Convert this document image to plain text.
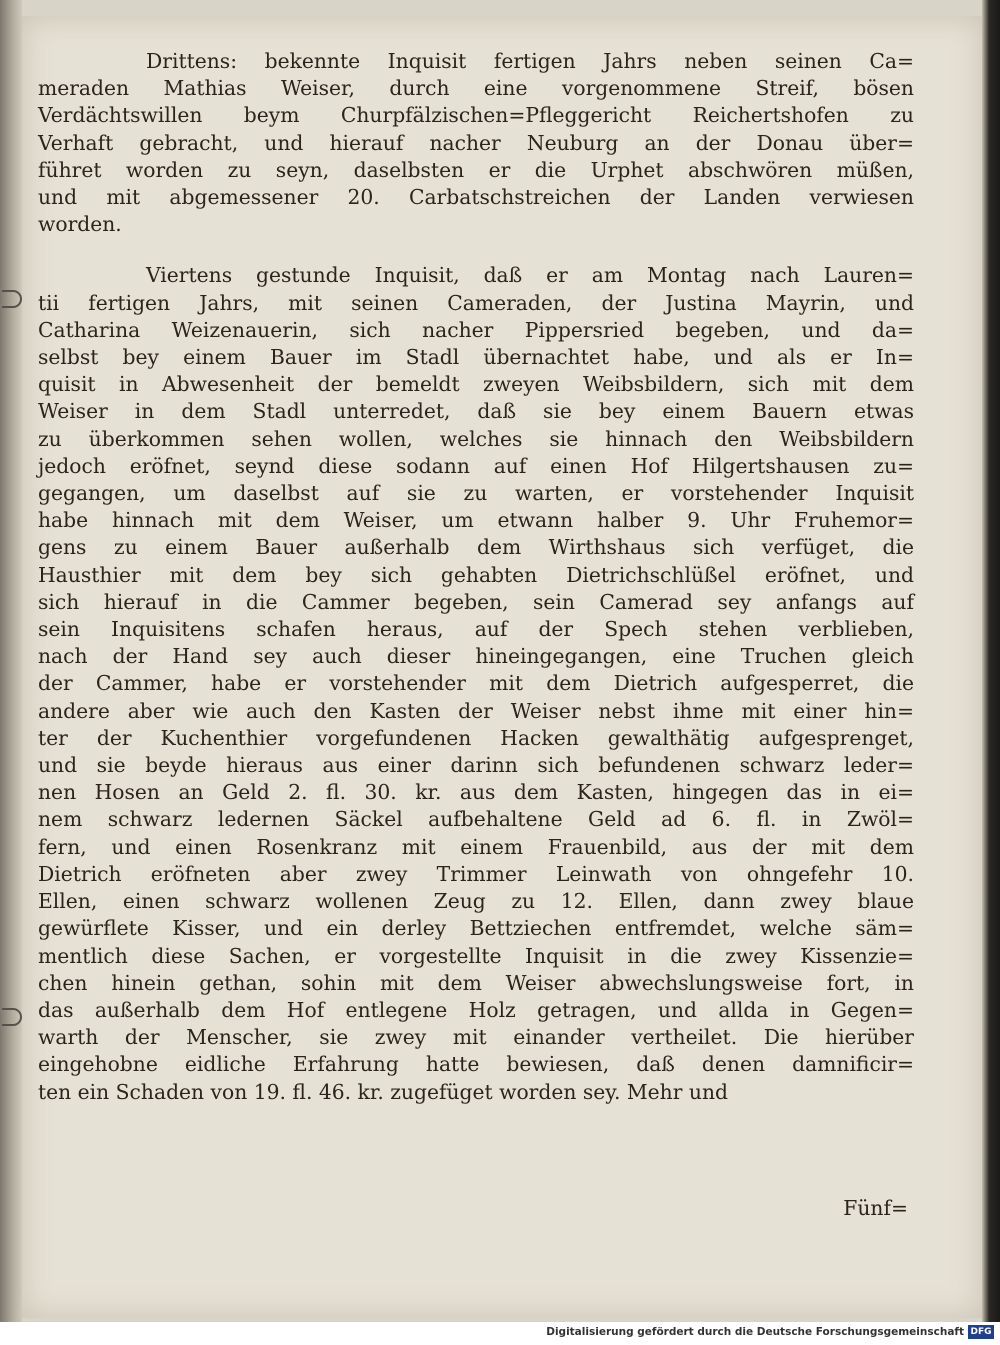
Drittens: bekennte Inquisit fertigen Jahrs neben seinen Ca=
meraden Mathias Weiser, durch eine vorgenommene Streif, bösen
Verdächtswillen beym Churpfälzischen=Pfleggericht Reichertshofen zu
Verhaft gebracht, und hierauf nacher Neuburg an der Donau über=
führet worden zu seyn, daselbsten er die Urphet abschwören müßen,
und mit abgemessener 20. Carbatschstreichen der Landen verwiesen
worden.
Viertens gestunde Inquisit, daß er am Montag nach Lauren=
tii fertigen Jahrs, mit seinen Cameraden, der Justina Mayrin, und
Catharina Weizenauerin, sich nacher Pippersried begeben, und da=
selbst bey einem Bauer im Stadl übernachtet habe, und als er In=
quisit in Abwesenheit der bemeldt zweyen Weibsbildern, sich mit dem
Weiser in dem Stadl unterredet, daß sie bey einem Bauern etwas
zu überkommen sehen wollen, welches sie hinnach den Weibsbildern
jedoch eröfnet, seynd diese sodann auf einen Hof Hilgertshausen zu=
gegangen, um daselbst auf sie zu warten, er vorstehender Inquisit
habe hinnach mit dem Weiser, um etwann halber 9. Uhr Fruhemor=
gens zu einem Bauer außerhalb dem Wirthshaus sich verfüget, die
Hausthier mit dem bey sich gehabten Dietrichschlüßel eröfnet, und
sich hierauf in die Cammer begeben, sein Camerad sey anfangs auf
sein Inquisitens schafen heraus, auf der Spech stehen verblieben,
nach der Hand sey auch dieser hineingegangen, eine Truchen gleich
der Cammer, habe er vorstehender mit dem Dietrich aufgesperret, die
andere aber wie auch den Kasten der Weiser nebst ihme mit einer hin=
ter der Kuchenthier vorgefundenen Hacken gewalthätig aufgesprenget,
und sie beyde hieraus aus einer darinn sich befundenen schwarz leder=
nen Hosen an Geld 2. fl. 30. kr. aus dem Kasten, hingegen das in ei=
nem schwarz ledernen Säckel aufbehaltene Geld ad 6. fl. in Zwöl=
fern, und einen Rosenkranz mit einem Frauenbild, aus der mit dem
Dietrich eröfneten aber zwey Trimmer Leinwath von ohngefehr 10.
Ellen, einen schwarz wollenen Zeug zu 12. Ellen, dann zwey blaue
gewürflete Kisser, und ein derley Bettziechen entfremdet, welche säm=
mentlich diese Sachen, er vorgestellte Inquisit in die zwey Kissenzie=
chen hinein gethan, sohin mit dem Weiser abwechslungsweise fort, in
das außerhalb dem Hof entlegene Holz getragen, und allda in Gegen=
warth der Menscher, sie zwey mit einander vertheilet. Die hierüber
eingehobne eidliche Erfahrung hatte bewiesen, daß denen damnificir=
ten ein Schaden von 19. fl. 46. kr. zugefüget worden sey. Mehr und
Fünf=
Digitalisierung gefördert durch die Deutsche Forschungsgemeinschaft DFG
